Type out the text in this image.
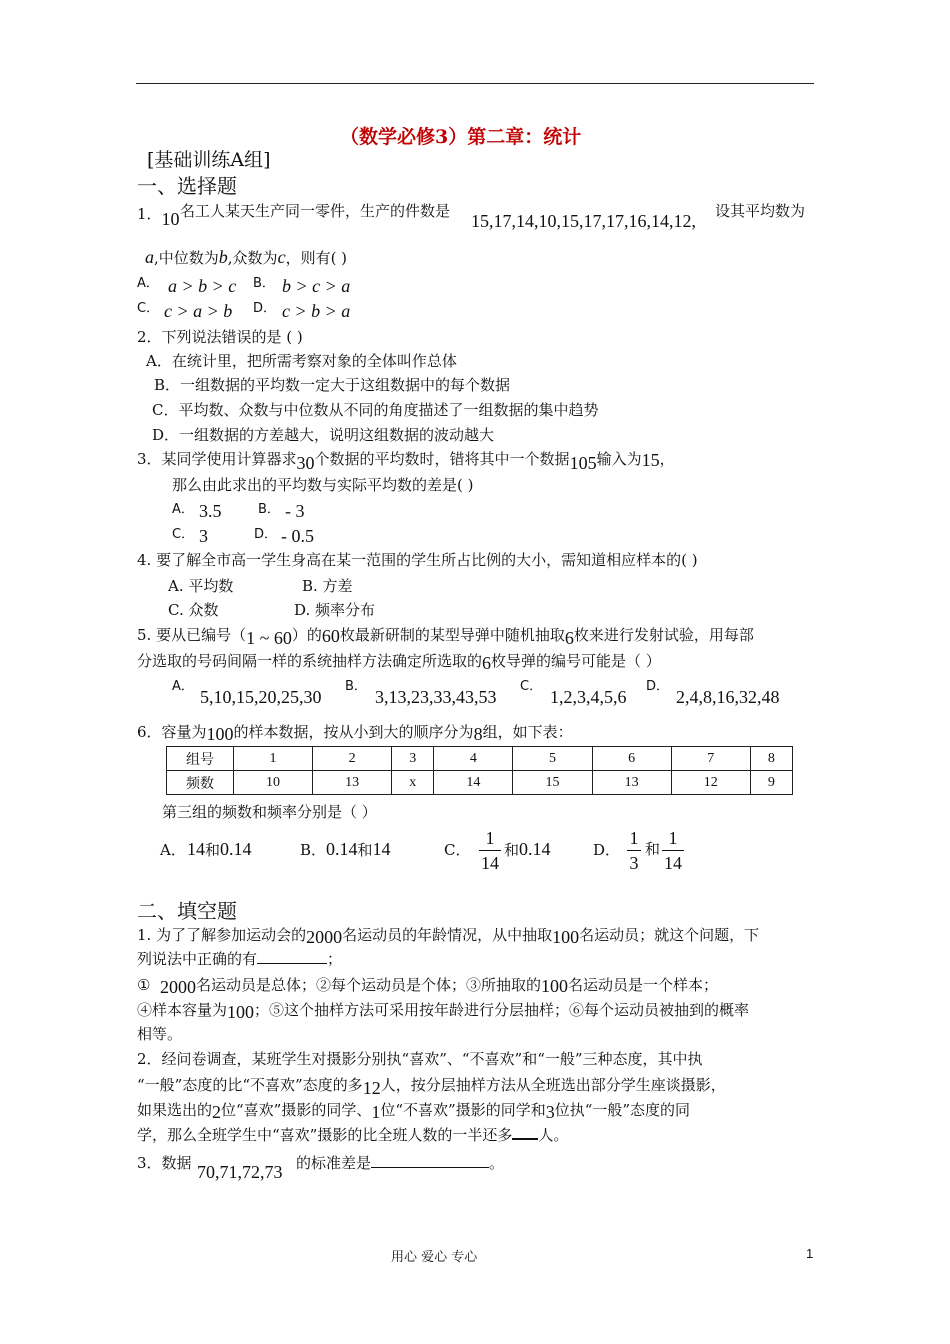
（数学必修3）第二章：统计
[基础训练A组]
一、选择题
1．10 名工人某天生产同一零件，生产的件数是 15,17,14,10,15,17,17,16,14,12, 设其平均数为
a,中位数为b,众数为c，则有( )
A． a > b > c B． b > c > a
C． c > a > b D． c > b > a
2．下列说法错误的是 ( )
A．在统计里，把所需考察对象的全体叫作总体
B．一组数据的平均数一定大于这组数据中的每个数据
C．平均数、众数与中位数从不同的角度描述了一组数据的集中趋势
D．一组数据的方差越大，说明这组数据的波动越大
3．某同学使用计算器求30个数据的平均数时，错将其中一个数据105输入为15，
那么由此求出的平均数与实际平均数的差是( )
A． 3.5	B． - 3
C． 3	D． - 0.5
4. 要了解全市高一学生身高在某一范围的学生所占比例的大小，需知道相应样本的( )
A. 平均数	B. 方差
C. 众数	D. 频率分布
5. 要从已编号（1 ~ 60）的60枚最新研制的某型导弹中随机抽取6枚来进行发射试验，用每部
分选取的号码间隔一样的系统抽样方法确定所选取的6枚导弹的编号可能是（ ）
A．
5,10,15,20,25,30
B．
3,13,23,33,43,53
C．
1,2,3,4,5,6
D．
2,4,8,16,32,48
6．容量为100的样本数据，按从小到大的顺序分为8组，如下表：
组号	1	2	3	4	5	6	7	8
频数	10	13	x	14	15	13	12	9
第三组的频数和频率分别是（ ）
A． 14和0.14	B． 0.14和14	C．
1
14
和0.14	D．
1
3
和
1
14
二、填空题
1. 为了了解参加运动会的2000名运动员的年龄情况，从中抽取100名运动员；就这个问题，下
列说法中正确的有	；
① 2000名运动员是总体；②每个运动员是个体；③所抽取的100名运动员是一个样本；
④样本容量为100；⑤这个抽样方法可采用按年龄进行分层抽样；⑥每个运动员被抽到的概率
相等。
2．经问卷调查，某班学生对摄影分别执“喜欢”、“不喜欢”和“一般”三种态度，其中执
“一般”态度的比“不喜欢”态度的多12人，按分层抽样方法从全班选出部分学生座谈摄影，
如果选出的2位“喜欢”摄影的同学、1位“不喜欢”摄影的同学和3位执“一般”态度的同
学，那么全班学生中“喜欢”摄影的比全班人数的一半还多 人。
3．数据 70,71,72,73 的标准差是	。
用心 爱心 专心	1
